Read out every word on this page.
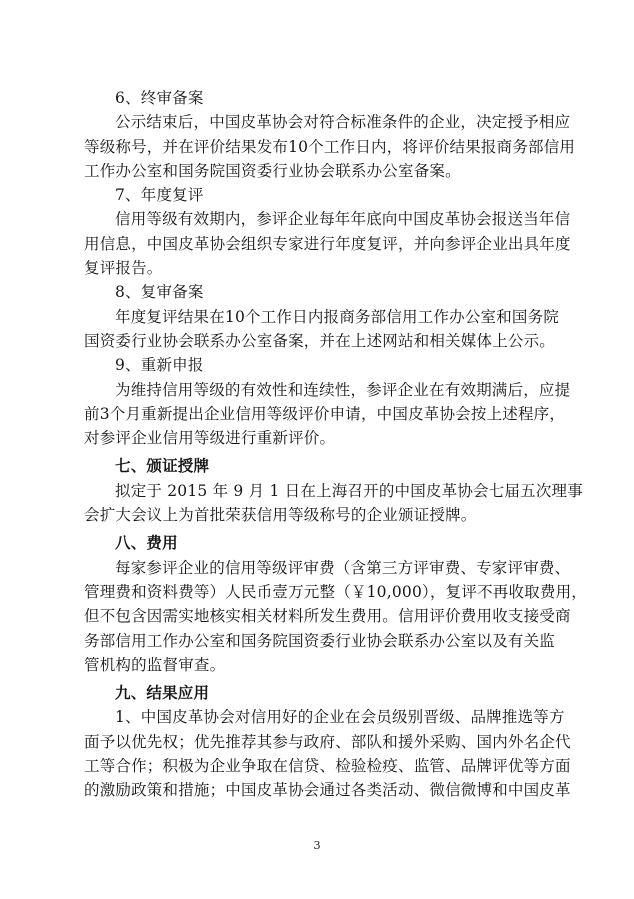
6、终审备案
公示结束后，中国皮革协会对符合标准条件的企业，决定授予相应
等级称号，并在评价结果发布10个工作日内，将评价结果报商务部信用
工作办公室和国务院国资委行业协会联系办公室备案。
7、年度复评
信用等级有效期内，参评企业每年年底向中国皮革协会报送当年信
用信息，中国皮革协会组织专家进行年度复评，并向参评企业出具年度
复评报告。
8、复审备案
年度复评结果在10个工作日内报商务部信用工作办公室和国务院
国资委行业协会联系办公室备案，并在上述网站和相关媒体上公示。
9、重新申报
为维持信用等级的有效性和连续性，参评企业在有效期满后，应提
前3个月重新提出企业信用等级评价申请，中国皮革协会按上述程序，
对参评企业信用等级进行重新评价。
七、颁证授牌
拟定于 2015 年 9 月 1 日在上海召开的中国皮革协会七届五次理事
会扩大会议上为首批荣获信用等级称号的企业颁证授牌。
八、费用
每家参评企业的信用等级评审费（含第三方评审费、专家评审费、
管理费和资料费等）人民币壹万元整（￥10,000），复评不再收取费用，
但不包含因需实地核实相关材料所发生费用。信用评价费用收支接受商
务部信用工作办公室和国务院国资委行业协会联系办公室以及有关监
管机构的监督审查。
九、结果应用
1、中国皮革协会对信用好的企业在会员级别晋级、品牌推选等方
面予以优先权；优先推荐其参与政府、部队和援外采购、国内外名企代
工等合作；积极为企业争取在信贷、检验检疫、监管、品牌评优等方面
的激励政策和措施；中国皮革协会通过各类活动、微信微博和中国皮革
3
